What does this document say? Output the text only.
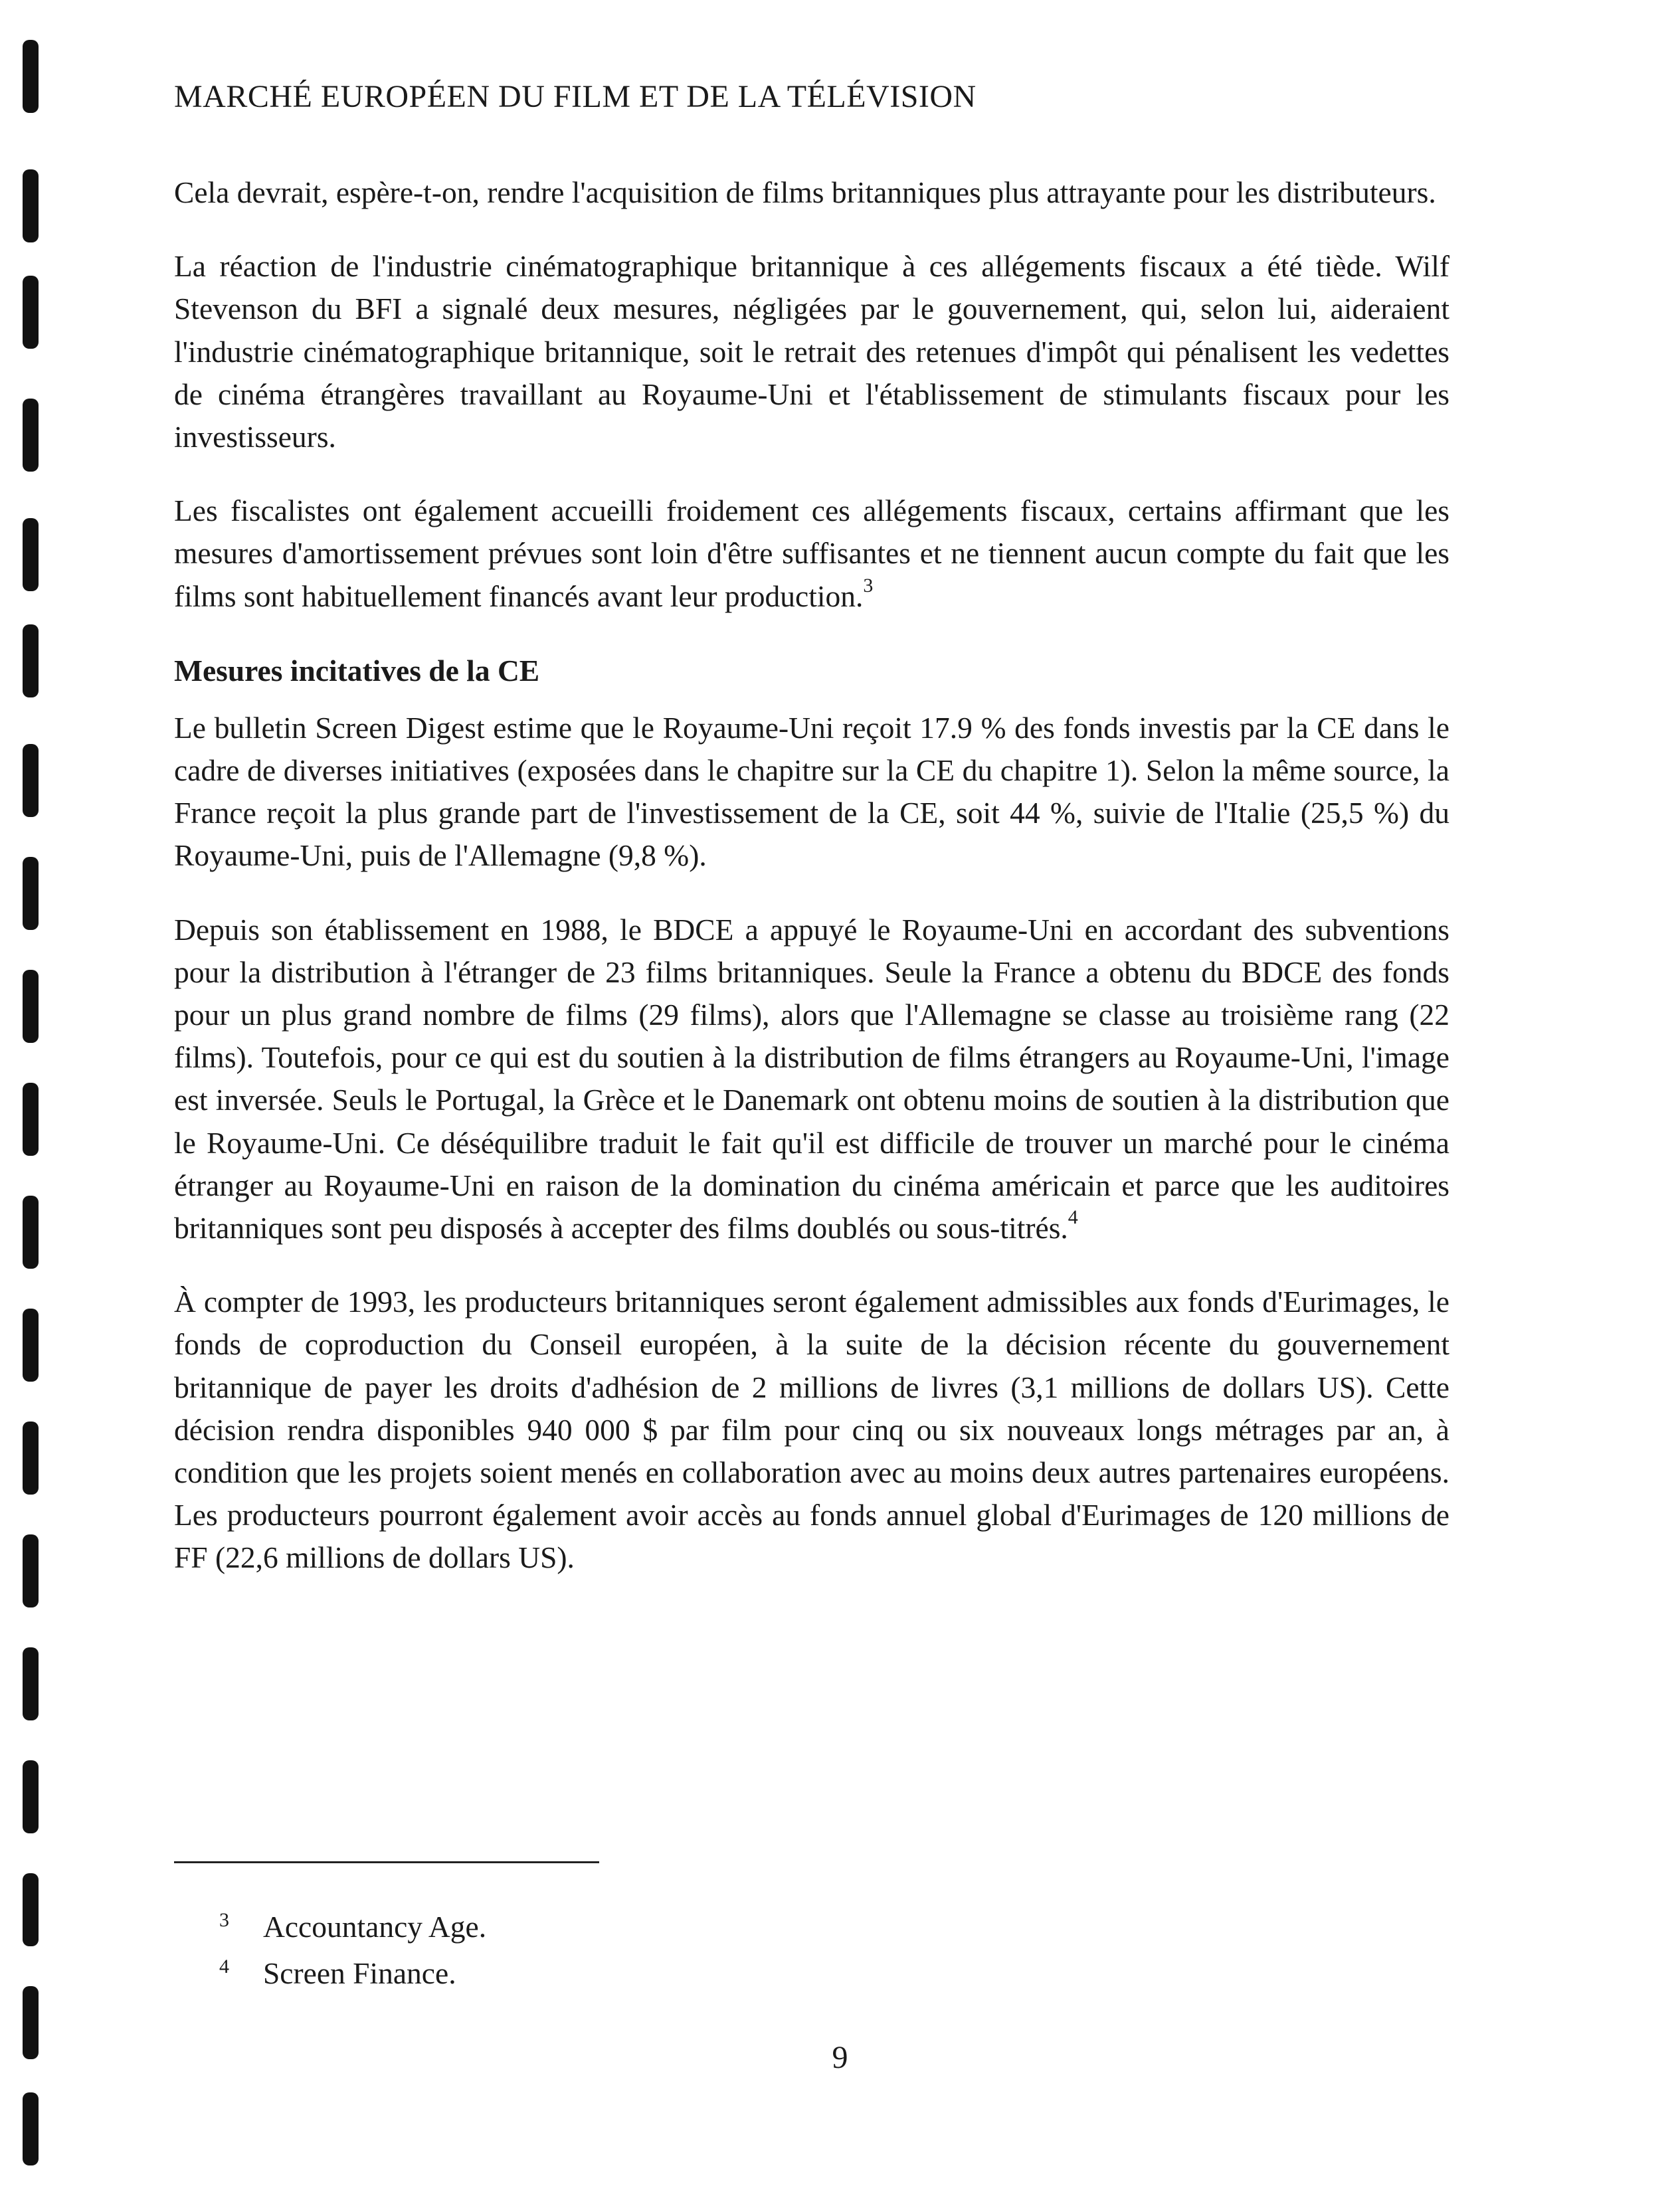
MARCHÉ EUROPÉEN DU FILM ET DE LA TÉLÉVISION

Cela devrait, espère-t-on, rendre l'acquisition de films britanniques plus attrayante pour les distributeurs.

La réaction de l'industrie cinématographique britannique à ces allégements fiscaux a été tiède. Wilf Stevenson du BFI a signalé deux mesures, négligées par le gouvernement, qui, selon lui, aideraient l'industrie cinématographique britannique, soit le retrait des retenues d'impôt qui pénalisent les vedettes de cinéma étrangères travaillant au Royaume-Uni et l'établissement de stimulants fiscaux pour les investisseurs.

Les fiscalistes ont également accueilli froidement ces allégements fiscaux, certains affirmant que les mesures d'amortissement prévues sont loin d'être suffisantes et ne tiennent aucun compte du fait que les films sont habituellement financés avant leur production.$^3$

Mesures incitatives de la CE

Le bulletin Screen Digest estime que le Royaume-Uni reçoit 17.9 % des fonds investis par la CE dans le cadre de diverses initiatives (exposées dans le chapitre sur la CE du chapitre 1). Selon la même source, la France reçoit la plus grande part de l'investissement de la CE, soit 44 %, suivie de l'Italie (25,5 %) du Royaume-Uni, puis de l'Allemagne (9,8 %).

Depuis son établissement en 1988, le BDCE a appuyé le Royaume-Uni en accordant des subventions pour la distribution à l'étranger de 23 films britanniques. Seule la France a obtenu du BDCE des fonds pour un plus grand nombre de films (29 films), alors que l'Allemagne se classe au troisième rang (22 films). Toutefois, pour ce qui est du soutien à la distribution de films étrangers au Royaume-Uni, l'image est inversée. Seuls le Portugal, la Grèce et le Danemark ont obtenu moins de soutien à la distribution que le Royaume-Uni. Ce déséquilibre traduit le fait qu'il est difficile de trouver un marché pour le cinéma étranger au Royaume-Uni en raison de la domination du cinéma américain et parce que les auditoires britanniques sont peu disposés à accepter des films doublés ou sous-titrés.$^4$

À compter de 1993, les producteurs britanniques seront également admissibles aux fonds d'Eurimages, le fonds de coproduction du Conseil européen, à la suite de la décision récente du gouvernement britannique de payer les droits d'adhésion de 2 millions de livres (3,1 millions de dollars US). Cette décision rendra disponibles 940 000 $ par film pour cinq ou six nouveaux longs métrages par an, à condition que les projets soient menés en collaboration avec au moins deux autres partenaires européens. Les producteurs pourront également avoir accès au fonds annuel global d'Eurimages de 120 millions de FF (22,6 millions de dollars US).

3 Accountancy Age.
4 Screen Finance.
9
